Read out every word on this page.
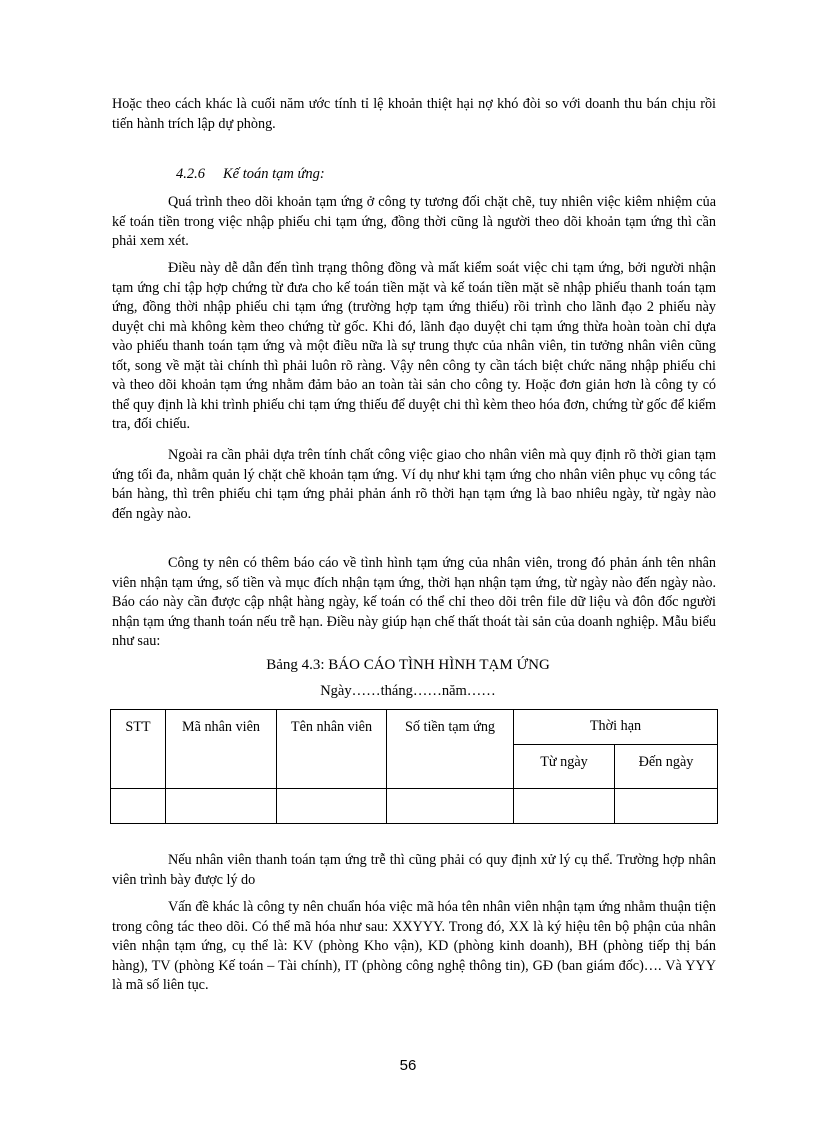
Hoặc theo cách khác là cuối năm ước tính tỉ lệ khoản thiệt hại nợ khó đòi so với doanh thu bán chịu rồi tiến hành trích lập dự phòng.

4.2.6 Kế toán tạm ứng:

Quá trình theo dõi khoản tạm ứng ở công ty tương đối chặt chẽ, tuy nhiên việc kiêm nhiệm của kế toán tiền trong việc nhập phiếu chi tạm ứng, đồng thời cũng là người theo dõi khoản tạm ứng thì cần phải xem xét.

Điều này dễ dẫn đến tình trạng thông đồng và mất kiểm soát việc chi tạm ứng, bởi người nhận tạm ứng chỉ tập hợp chứng từ đưa cho kế toán tiền mặt và kế toán tiền mặt sẽ nhập phiếu thanh toán tạm ứng, đồng thời nhập phiếu chi tạm ứng (trường hợp tạm ứng thiếu) rồi trình cho lãnh đạo 2 phiếu này duyệt chi mà không kèm theo chứng từ gốc. Khi đó, lãnh đạo duyệt chi tạm ứng thừa hoàn toàn chỉ dựa vào phiếu thanh toán tạm ứng và một điều nữa là sự trung thực của nhân viên, tin tưởng nhân viên cũng tốt, song về mặt tài chính thì phải luôn rõ ràng. Vậy nên công ty cần tách biệt chức năng nhập phiếu chi và theo dõi khoản tạm ứng nhằm đảm bảo an toàn tài sản cho công ty. Hoặc đơn giản hơn là công ty có thể quy định là khi trình phiếu chi tạm ứng thiếu để duyệt chi thì kèm theo hóa đơn, chứng từ gốc để kiểm tra, đối chiếu.

Ngoài ra cần phải dựa trên tính chất công việc giao cho nhân viên mà quy định rõ thời gian tạm ứng tối đa, nhằm quản lý chặt chẽ khoản tạm ứng. Ví dụ như khi tạm ứng cho nhân viên phục vụ công tác bán hàng, thì trên phiếu chi tạm ứng phải phản ánh rõ thời hạn tạm ứng là bao nhiêu ngày, từ ngày nào đến ngày nào.

Công ty nên có thêm báo cáo về tình hình tạm ứng của nhân viên, trong đó phản ánh tên nhân viên nhận tạm ứng, số tiền và mục đích nhận tạm ứng, thời hạn nhận tạm ứng, từ ngày nào đến ngày nào. Báo cáo này cần được cập nhật hàng ngày, kế toán có thể chỉ theo dõi trên file dữ liệu và đôn đốc người nhận tạm ứng thanh toán nếu trễ hạn. Điều này giúp hạn chế thất thoát tài sản của doanh nghiệp. Mẫu biểu như sau:

Bảng 4.3: BÁO CÁO TÌNH HÌNH TẠM ỨNG

Ngày……tháng……năm……

STT	Mã nhân viên	Tên nhân viên	Số tiền tạm ứng	Thời hạn	
				Từ ngày	Đến ngày

Nếu nhân viên thanh toán tạm ứng trễ thì cũng phải có quy định xử lý cụ thể. Trường hợp nhân viên trình bày được lý do

Vấn đề khác là công ty nên chuẩn hóa việc mã hóa tên nhân viên nhận tạm ứng nhằm thuận tiện trong công tác theo dõi. Có thể mã hóa như sau: XXYYY. Trong đó, XX là ký hiệu tên bộ phận của nhân viên nhận tạm ứng, cụ thể là: KV (phòng Kho vận), KD (phòng kinh doanh), BH (phòng tiếp thị bán hàng), TV (phòng Kế toán – Tài chính), IT (phòng công nghệ thông tin), GĐ (ban giám đốc)…. Và YYY là mã số liên tục.

56
